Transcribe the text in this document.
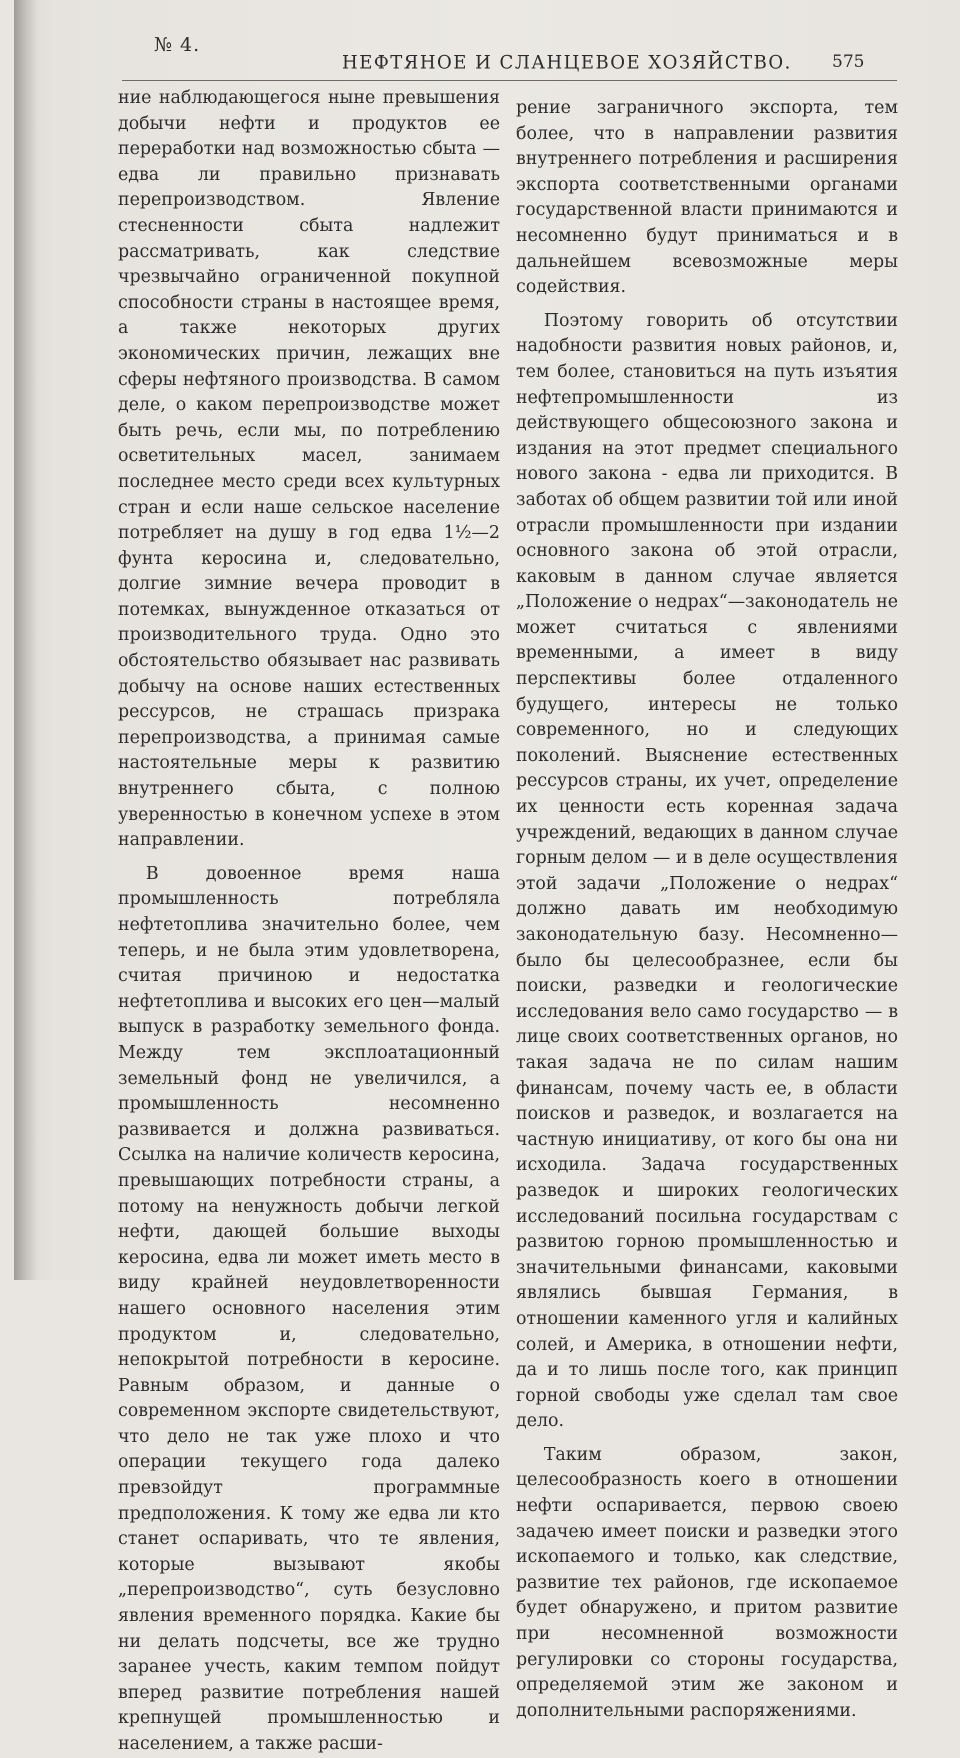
№ 4.
НЕФТЯНОЕ И СЛАНЦЕВОЕ ХОЗЯЙСТВО. 575

ние наблюдающегося ныне превышения добычи нефти и продуктов ее переработки над возможностью сбыта — едва ли правильно признавать перепроизводством. Явление стесненности сбыта надлежит рассматривать, как следствие чрезвычайно ограниченной покупной способности страны в настоящее время, а также некоторых других экономических причин, лежащих вне сферы нефтяного производства. В самом деле, о каком перепроизводстве может быть речь, если мы, по потреблению осветительных масел, занимаем последнее место среди всех культурных стран и если наше сельское население потребляет на душу в год едва 1½—2 фунта керосина и, следовательно, долгие зимние вечера проводит в потемках, вынужденное отказаться от производительного труда. Одно это обстоятельство обязывает нас развивать добычу на основе наших естественных рессурсов, не страшась призрака перепроизводства, а принимая самые настоятельные меры к развитию внутреннего сбыта, с полною уверенностью в конечном успехе в этом направлении.

В довоенное время наша промышленность потребляла нефтетоплива значительно более, чем теперь, и не была этим удовлетворена, считая причиною и недостатка нефтетоплива и высоких его цен—малый выпуск в разработку земельного фонда. Между тем эксплоатационный земельный фонд не увеличился, а промышленность несомненно развивается и должна развиваться. Ссылка на наличие количеств керосина, превышающих потребности страны, а потому на ненужность добычи легкой нефти, дающей большие выходы керосина, едва ли может иметь место в виду крайней неудовлетворенности нашего основного населения этим продуктом и, следовательно, непокрытой потребности в керосине. Равным образом, и данные о современном экспорте свидетельствуют, что дело не так уже плохо и что операции текущего года далеко превзойдут программные предположения. К тому же едва ли кто станет оспаривать, что те явления, которые вызывают якобы „перепроизводство“, суть безусловно явления временного порядка. Какие бы ни делать подсчеты, все же трудно заранее учесть, каким темпом пойдут вперед развитие потребления нашей крепнущей промышленностью и населением, а также расши-

рение заграничного экспорта, тем более, что в направлении развития внутреннего потребления и расширения экспорта соответственными органами государственной власти принимаются и несомненно будут приниматься и в дальнейшем всевозможные меры содействия.

Поэтому говорить об отсутствии надобности развития новых районов, и, тем более, становиться на путь изъятия нефтепромышленности из действующего общесоюзного закона и издания на этот предмет специального нового закона - едва ли приходится. В заботах об общем развитии той или иной отрасли промышленности при издании основного закона об этой отрасли, каковым в данном случае является „Положение о недрах“—законодатель не может считаться с явлениями временными, а имеет в виду перспективы более отдаленного будущего, интересы не только современного, но и следующих поколений. Выяснение естественных рессурсов страны, их учет, определение их ценности есть коренная задача учреждений, ведающих в данном случае горным делом — и в деле осуществления этой задачи „Положение о недрах“ должно давать им необходимую законодательную базу. Несомненно—было бы целесообразнее, если бы поиски, разведки и геологические исследования вело само государство — в лице своих соответственных органов, но такая задача не по силам нашим финансам, почему часть ее, в области поисков и разведок, и возлагается на частную инициативу, от кого бы она ни исходила. Задача государственных разведок и широких геологических исследований посильна государствам с развитою горною промышленностью и значительными финансами, каковыми являлись бывшая Германия, в отношении каменного угля и калийных солей, и Америка, в отношении нефти, да и то лишь после того, как принцип горной свободы уже сделал там свое дело.

Таким образом, закон, целесообразность коего в отношении нефти оспаривается, первою своею задачею имеет поиски и разведки этого ископаемого и только, как следствие, развитие тех районов, где ископаемое будет обнаружено, и притом развитие при несомненной возможности регулировки со стороны государства, определяемой этим же законом и дополнительными распоряжениями.
